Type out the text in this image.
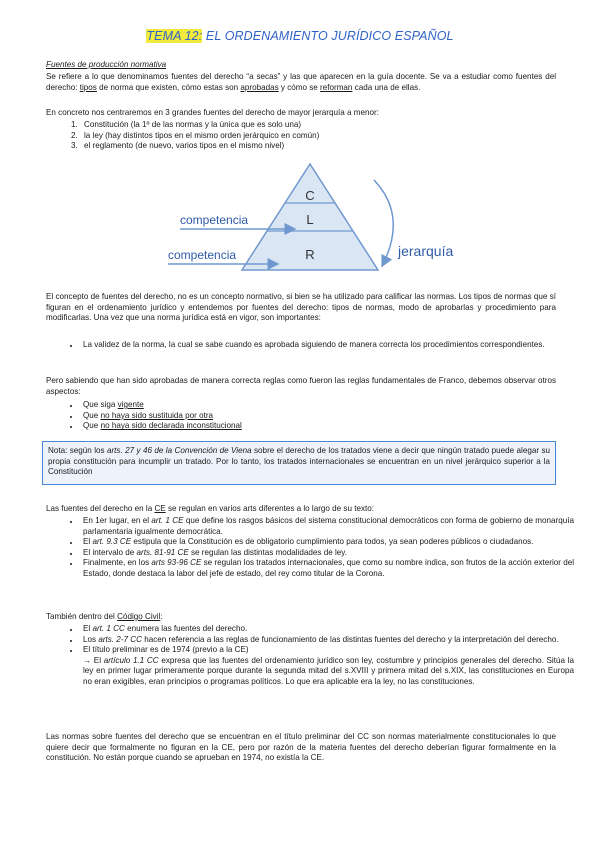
TEMA 12: EL ORDENAMIENTO JURÍDICO ESPAÑOL

Fuentes de producción normativa

Se refiere a lo que denominamos fuentes del derecho “a secas” y las que aparecen en la guía docente. Se va a estudiar como fuentes del derecho: tipos de norma que existen, cómo estas son aprobadas y cómo se reforman cada una de ellas.

En concreto nos centraremos en 3 grandes fuentes del derecho de mayor jerarquía a menor:

1. Constitución (la 1º de las normas y la única que es solo una)
2. la ley (hay distintos tipos en el mismo orden jerárquico en común)
3. el reglamento (de nuevo, varios tipos en el mismo nivel)
C
L
R
competencia
competencia	jerarquía

El concepto de fuentes del derecho, no es un concepto normativo, si bien se ha utilizado para calificar las normas. Los tipos de normas que sí figuran en el ordenamiento jurídico y entendemos por fuentes del derecho: tipos de normas, modo de aprobarlas y procedimiento para modificarlas. Una vez que una norma jurídica está en vigor, son importantes:

• La validez de la norma, la cual se sabe cuando es aprobada siguiendo de manera correcta los procedimientos correspondientes.

Pero sabiendo que han sido aprobadas de manera correcta reglas como fueron las reglas fundamentales de Franco, debemos observar otros aspectos:

• Que siga vigente
• Que no haya sido sustituida por otra
• Que no haya sido declarada inconstitucional
Nota: según los arts. 27 y 46 de la Convención de Viena sobre el derecho de los tratados viene a decir que ningún tratado puede alegar su propia constitución para incumplir un tratado. Por lo tanto, los tratados internacionales se encuentran en un nivel jerárquico superior a la Constitución

Las fuentes del derecho en la CE se regulan en varios arts diferentes a lo largo de su texto:

• En 1er lugar, en el art. 1 CE que define los rasgos básicos del sistema constitucional democráticos con forma de gobierno de monarquía parlamentaria igualmente democrática.
• El art. 9.3 CE estipula que la Constitución es de obligatorio cumplimiento para todos, ya sean poderes públicos o ciudadanos.
• El intervalo de arts. 81-91 CE se regulan las distintas modalidades de ley.
• Finalmente, en los arts 93-96 CE se regulan los tratados internacionales, que como su nombre indica, son frutos de la acción exterior del Estado, donde destaca la labor del jefe de estado, del rey como titular de la Corona.

También dentro del Código Civil:

• El art. 1 CC enumera las fuentes del derecho.
• Los arts. 2-7 CC hacen referencia a las reglas de funcionamiento de las distintas fuentes del derecho y la interpretación del derecho.
• El título preliminar es de 1974 (previo a la CE)
→ El artículo 1.1 CC expresa que las fuentes del ordenamiento jurídico son ley, costumbre y principios generales del derecho. Sitúa la ley en primer lugar primeramente porque durante la segunda mitad del s.XVIII y primera mitad del s.XIX, las constituciones en Europa no eran exigibles, eran principios o programas políticos. Lo que era aplicable era la ley, no las constituciones.

Las normas sobre fuentes del derecho que se encuentran en el título preliminar del CC son normas materialmente constitucionales lo que quiere decir que formalmente no figuran en la CE, pero por razón de la materia fuentes del derecho deberían figurar formalmente en la constitución. No están porque cuando se aprueban en 1974, no existía la CE.
